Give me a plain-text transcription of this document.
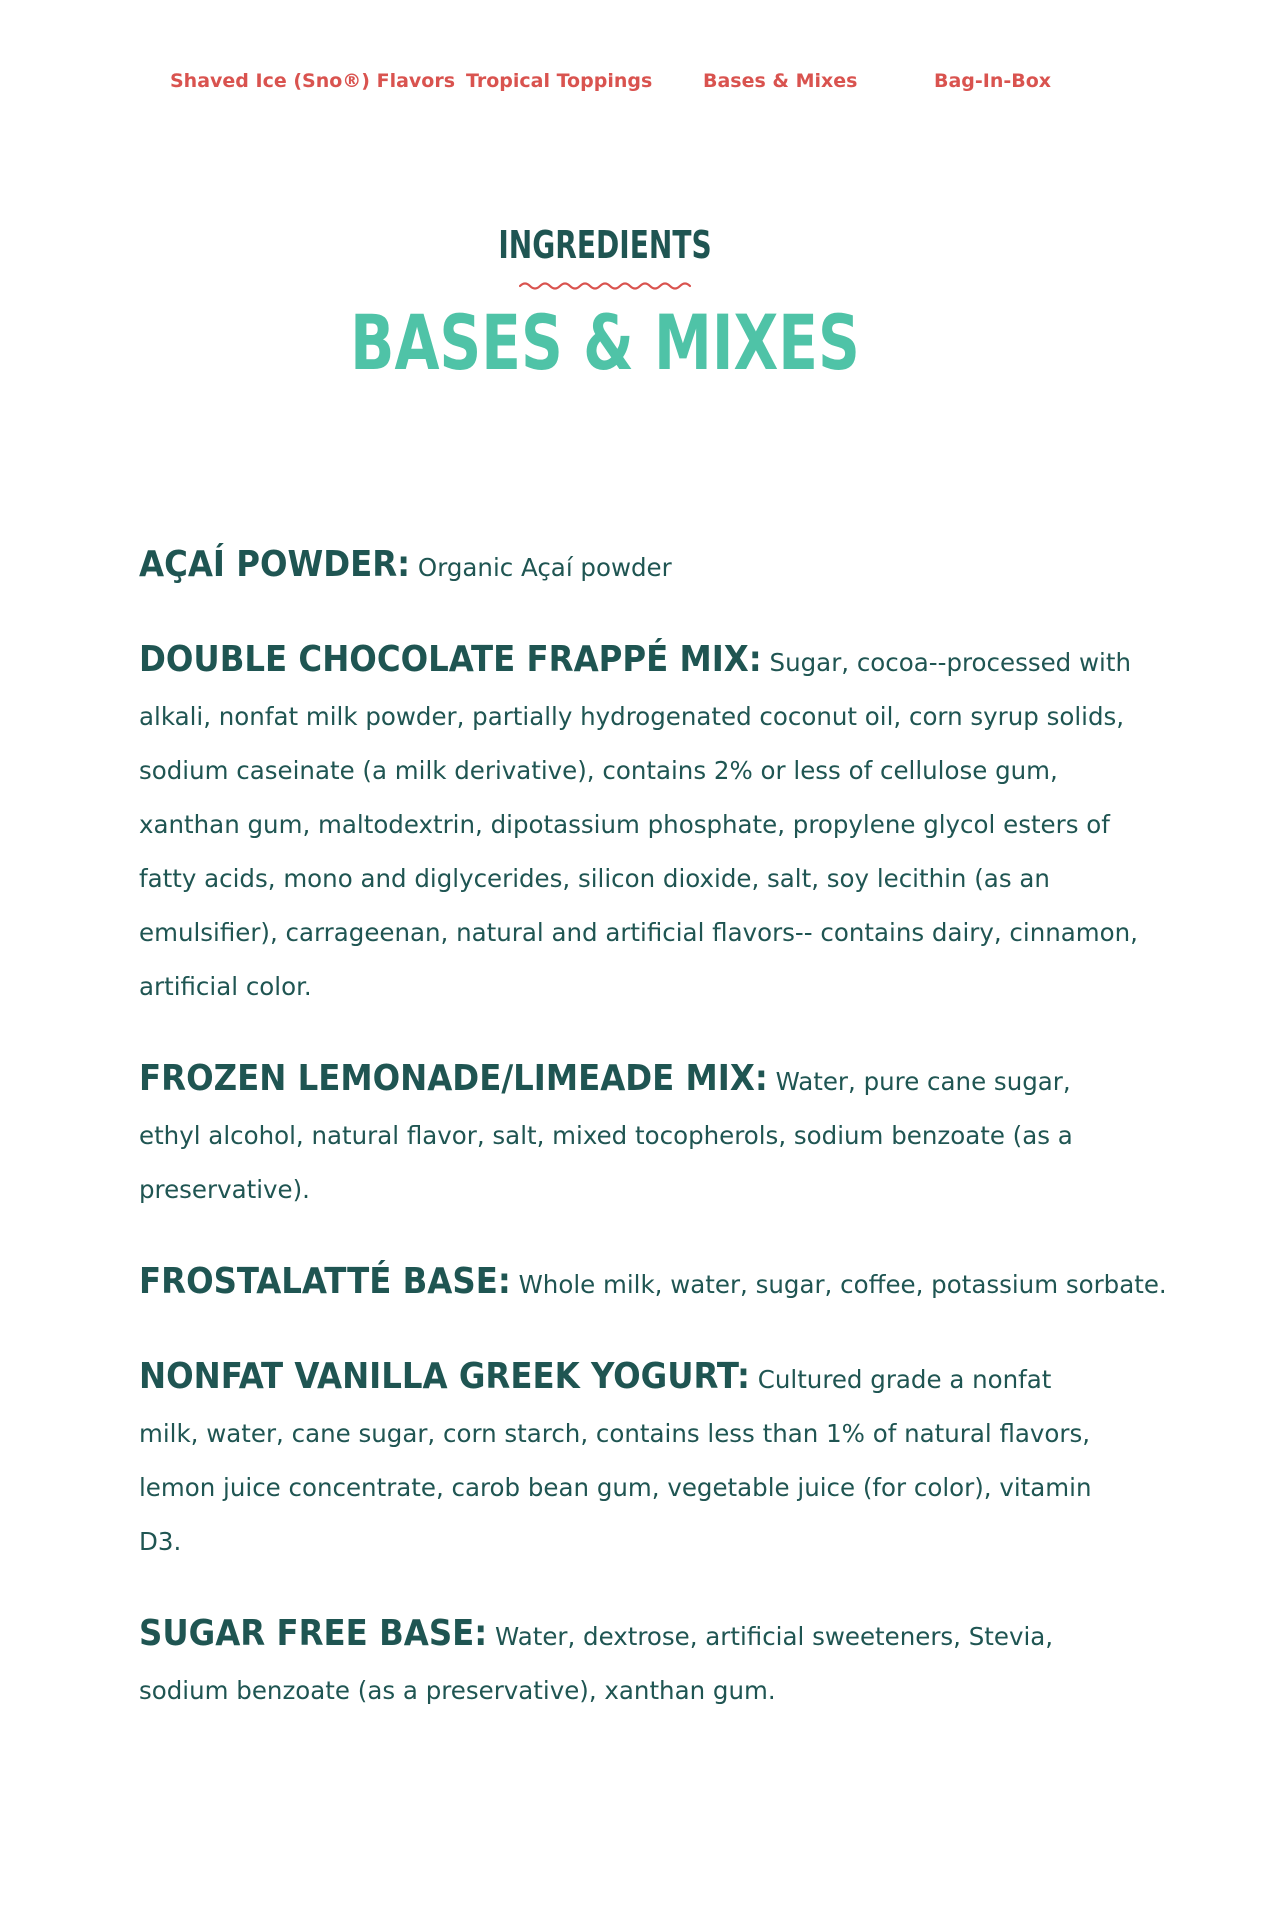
Shaved Ice (Sno®) Flavors Tropical Toppings	Bases & Mixes	Bag-In-Box
INGREDIENTS
BASES & MIXES

AÇAÍ POWDER: Organic Açaí powder

DOUBLE CHOCOLATE FRAPPÉ MIX: Sugar, cocoa--processed with alkali, nonfat milk powder, partially hydrogenated coconut oil, corn syrup solids, sodium caseinate (a milk derivative), contains 2% or less of cellulose gum, xanthan gum, maltodextrin, dipotassium phosphate, propylene glycol esters of fatty acids, mono and diglycerides, silicon dioxide, salt, soy lecithin (as an emulsifier), carrageenan, natural and artificial flavors-- contains dairy, cinnamon, artificial color.

FROZEN LEMONADE/LIMEADE MIX: Water, pure cane sugar, ethyl alcohol, natural flavor, salt, mixed tocopherols, sodium benzoate (as a preservative).

FROSTALATTÉ BASE: Whole milk, water, sugar, coffee, potassium sorbate.

NONFAT VANILLA GREEK YOGURT: Cultured grade a nonfat milk, water, cane sugar, corn starch, contains less than 1% of natural flavors, lemon juice concentrate, carob bean gum, vegetable juice (for color), vitamin D3.

SUGAR FREE BASE: Water, dextrose, artificial sweeteners, Stevia, sodium benzoate (as a preservative), xanthan gum.
